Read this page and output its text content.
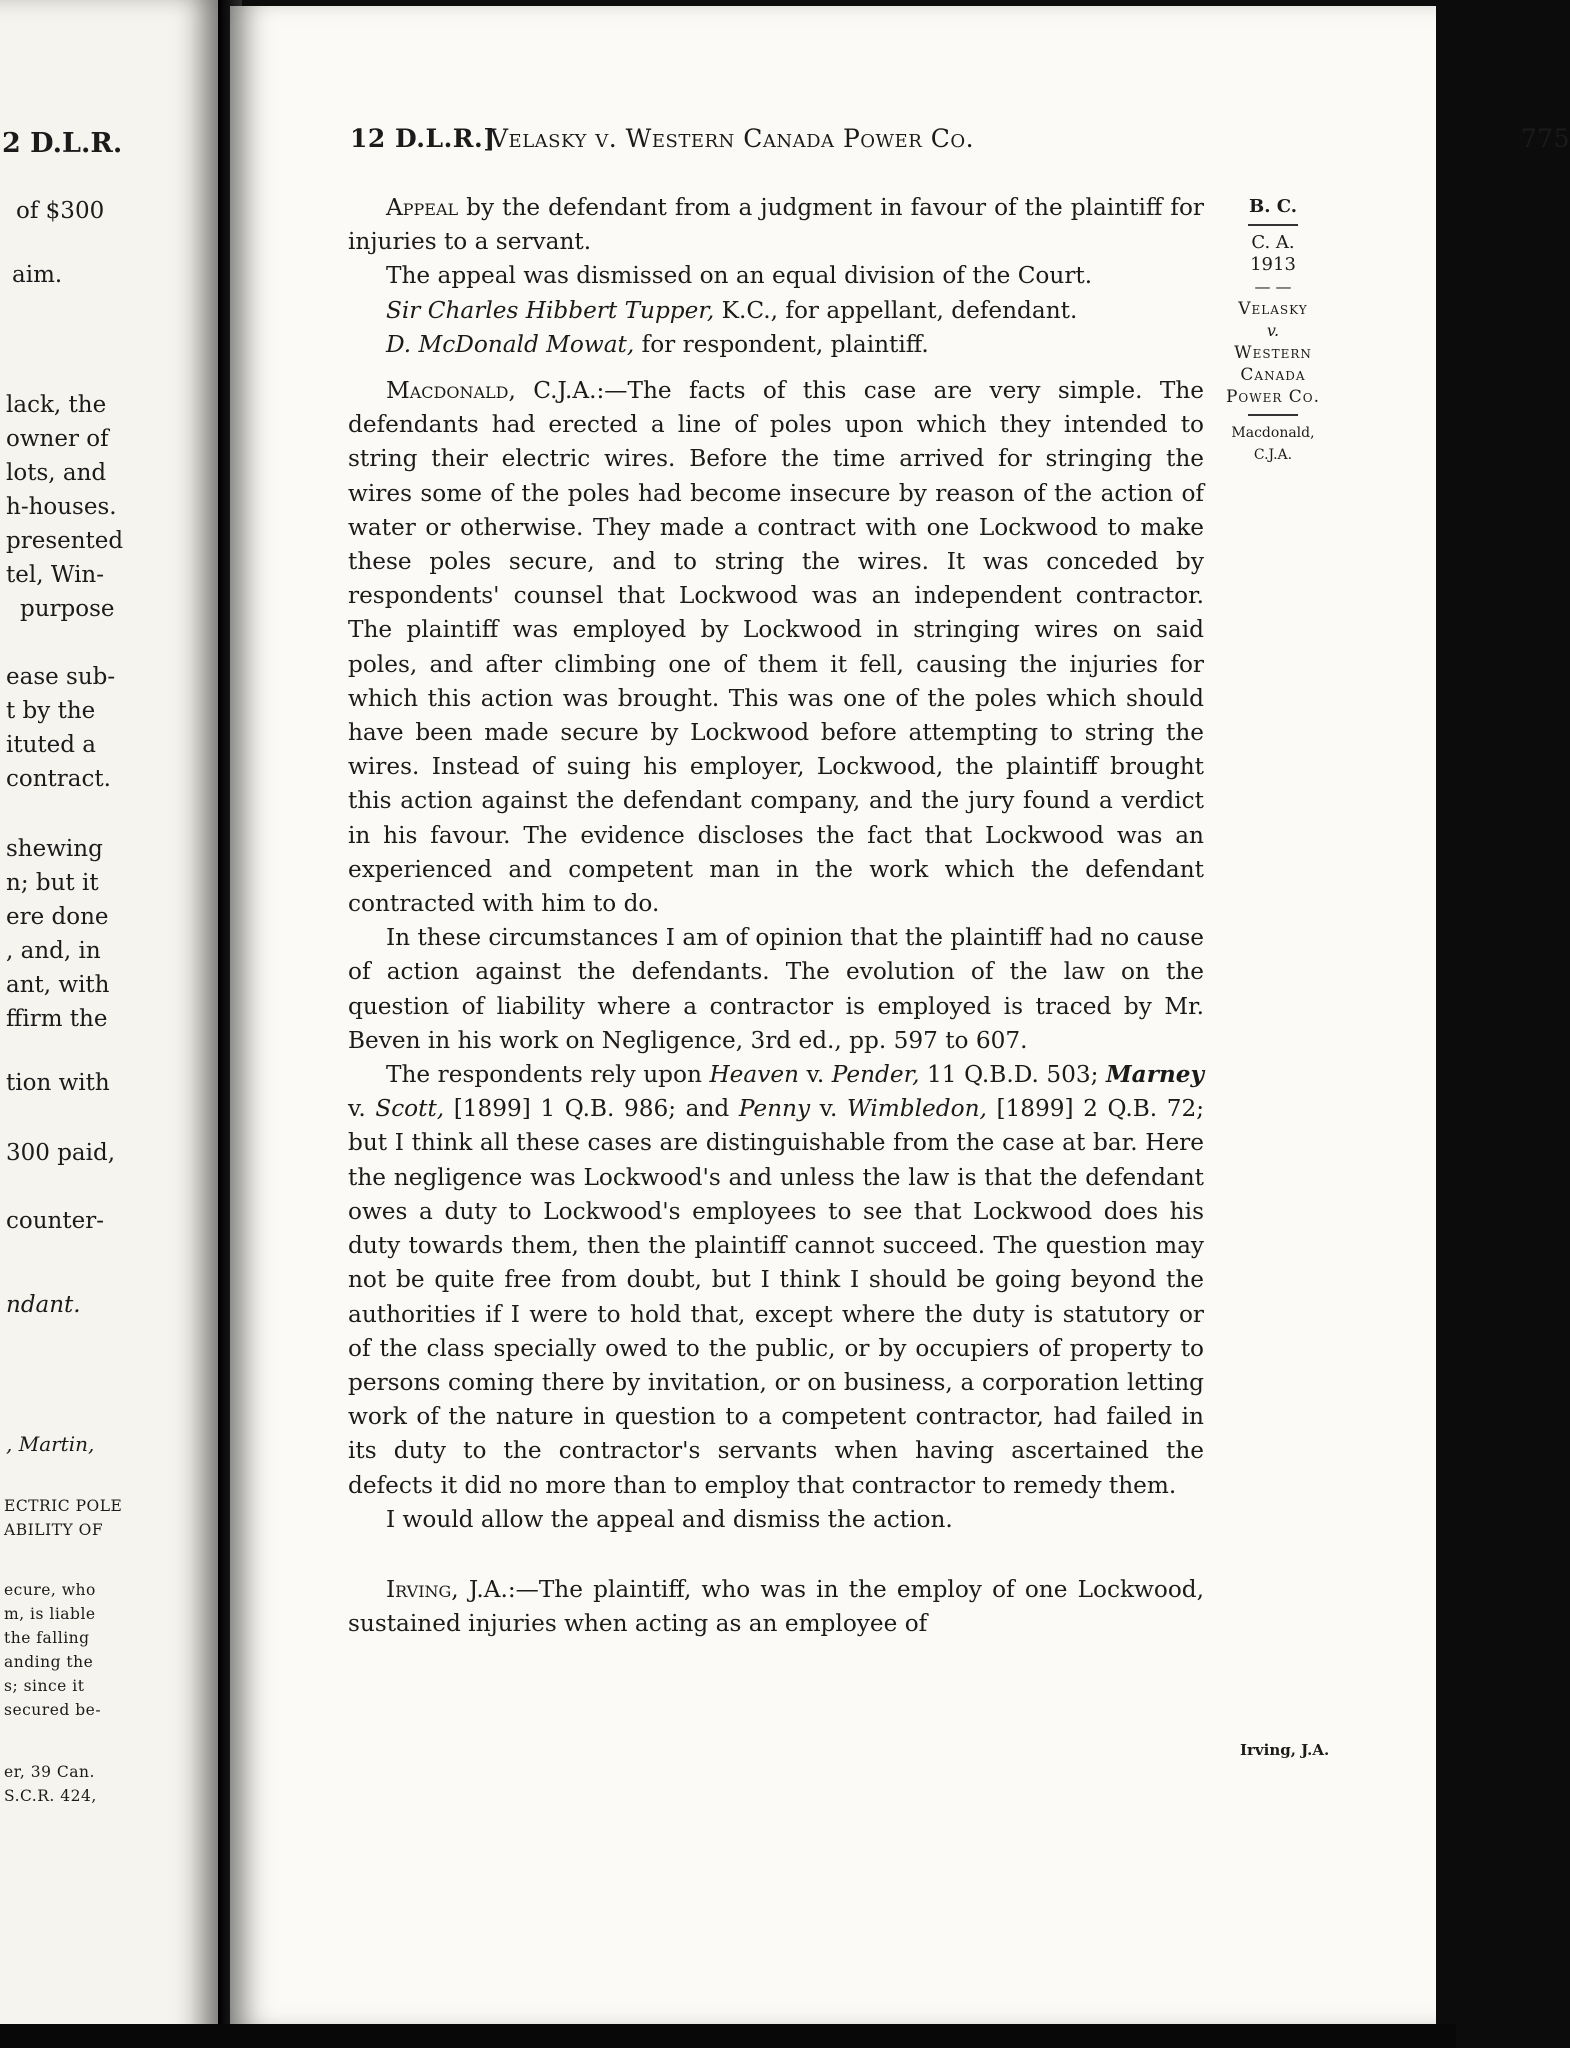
2 D.L.R.
of $300
aim.
lack, the
owner of
lots, and
h-houses.
presented
tel, Win-
purpose
ease sub-
t by the
ituted a
contract.
shewing
n; but it
ere done
, and, in
ant, with
ffirm the
tion with
300 paid,
counter-
ndant.
, Martin,
ECTRIC POLE
ABILITY OF
ecure, who
m, is liable
the falling
anding the
s; since it
secured be-
er, 39 Can.
S.C.R. 424,
12 D.L.R.]
Velasky v. Western Canada Power Co.	775

Appeal by the defendant from a judgment in favour of the plaintiff for injuries to a servant.

The appeal was dismissed on an equal division of the Court.

Sir Charles Hibbert Tupper, K.C., for appellant, defendant.

D. McDonald Mowat, for respondent, plaintiff.

Macdonald, C.J.A.:—The facts of this case are very simple. The defendants had erected a line of poles upon which they intended to string their electric wires. Before the time arrived for stringing the wires some of the poles had become insecure by reason of the action of water or otherwise. They made a contract with one Lockwood to make these poles secure, and to string the wires. It was conceded by respondents' counsel that Lockwood was an independent contractor. The plaintiff was employed by Lockwood in stringing wires on said poles, and after climbing one of them it fell, causing the injuries for which this action was brought. This was one of the poles which should have been made secure by Lockwood before attempting to string the wires. Instead of suing his employer, Lockwood, the plaintiff brought this action against the defendant company, and the jury found a verdict in his favour. The evidence discloses the fact that Lockwood was an experienced and competent man in the work which the defendant contracted with him to do.

In these circumstances I am of opinion that the plaintiff had no cause of action against the defendants. The evolution of the law on the question of liability where a contractor is employed is traced by Mr. Beven in his work on Negligence, 3rd ed., pp. 597 to 607.

The respondents rely upon Heaven v. Pender, 11 Q.B.D. 503; Marney v. Scott, [1899] 1 Q.B. 986; and Penny v. Wimbledon, [1899] 2 Q.B. 72; but I think all these cases are distinguishable from the case at bar. Here the negligence was Lockwood's and unless the law is that the defendant owes a duty to Lockwood's employees to see that Lockwood does his duty towards them, then the plaintiff cannot succeed. The question may not be quite free from doubt, but I think I should be going beyond the authorities if I were to hold that, except where the duty is statutory or of the class specially owed to the public, or by occupiers of property to persons coming there by invitation, or on business, a corporation letting work of the nature in question to a competent contractor, had failed in its duty to the contractor's servants when having ascertained the defects it did no more than to employ that contractor to remedy them.

I would allow the appeal and dismiss the action.

Irving, J.A.:—The plaintiff, who was in the employ of one Lockwood, sustained injuries when acting as an employee of

B. C.
C. A.
1913
— —
Velasky
v.
Western
Canada
Power Co.
Macdonald,
C.J.A.
Irving, J.A.
